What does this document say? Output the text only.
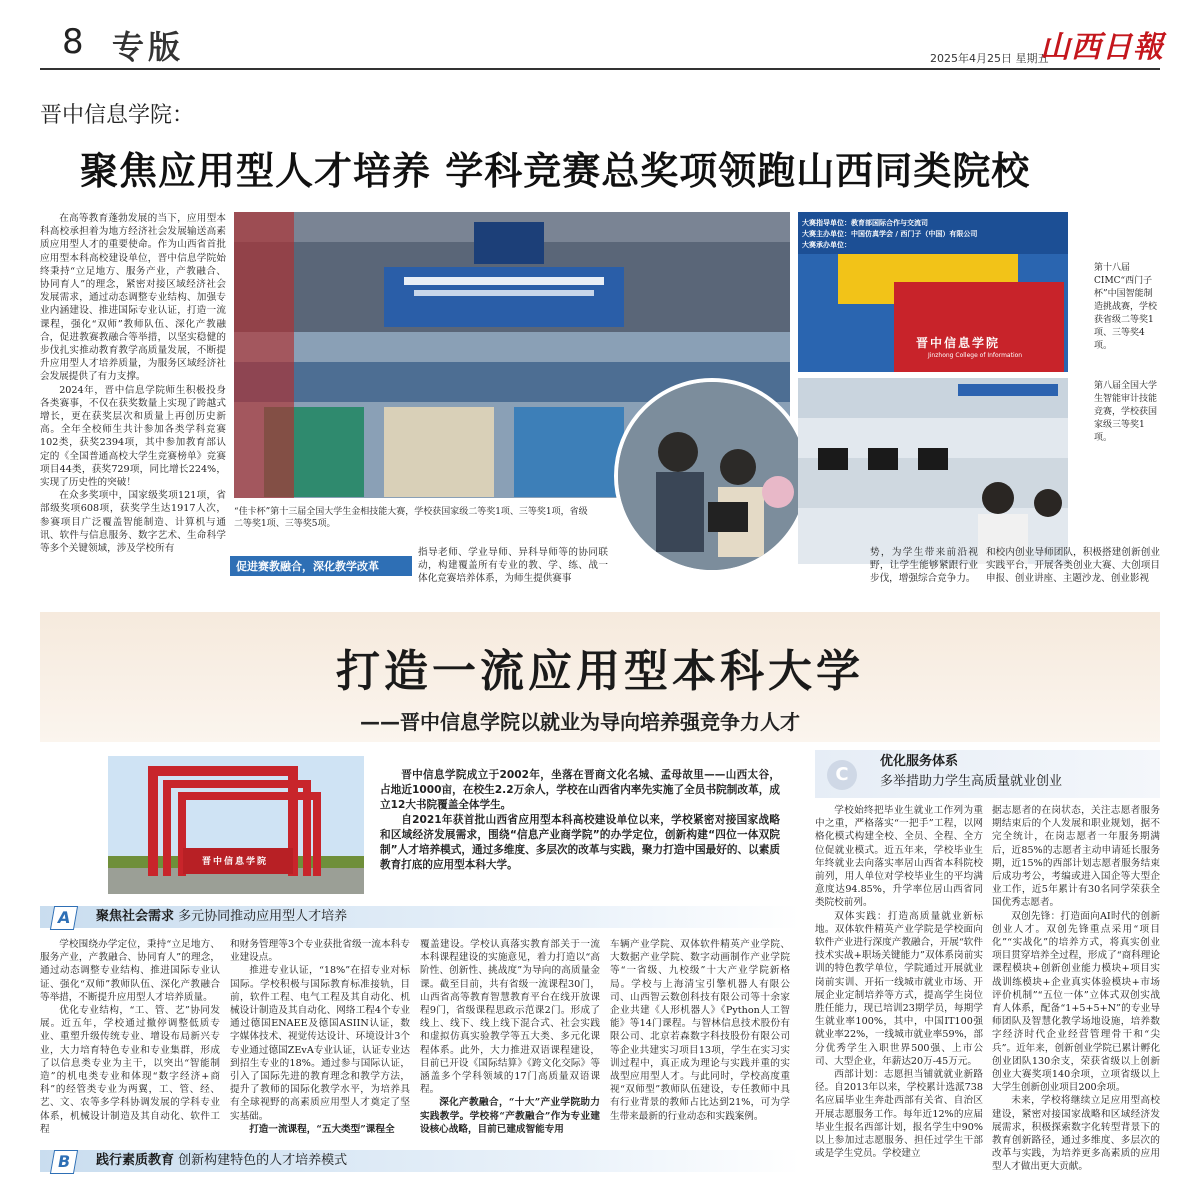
8 专版	2025年4月25日 星期五
山西日報
晋中信息学院：
聚焦应用型人才培养 学科竞赛总奖项领跑山西同类院校

在高等教育蓬勃发展的当下，应用型本科高校承担着为地方经济社会发展输送高素质应用型人才的重要使命。作为山西省首批应用型本科高校建设单位，晋中信息学院始终秉持“立足地方、服务产业，产教融合、协同育人”的理念，紧密对接区域经济社会发展需求，通过动态调整专业结构、加强专业内涵建设、推进国际专业认证，打造一流课程，强化“双师”教师队伍、深化产教融合，促进教赛教融合等举措，以坚实稳健的步伐扎实推动教育教学高质量发展，不断提升应用型人才培养质量，为服务区域经济社会发展提供了有力支撑。

2024年，晋中信息学院师生积极投身各类赛事，不仅在获奖数量上实现了跨越式增长，更在获奖层次和质量上再创历史新高。全年全校师生共计参加各类学科竞赛102类，获奖2394项，其中参加教育部认定的《全国普通高校大学生竞赛榜单》竞赛项目44类，获奖729项，同比增长224%，实现了历史性的突破！

在众多奖项中，国家级奖项121项，省部级奖项608项，获奖学生达1917人次，参赛项目广泛覆盖智能制造、计算机与通讯、软件与信息服务、数字艺术、生命科学等多个关键领域，涉及学校所有

“佳卡杯”第十三届全国大学生金相技能大赛，学校获国家级二等奖1项、三等奖1项，省级二等奖1项、三等奖5项。
大赛指导单位：教育部国际合作与交流司
大赛主办单位：中国仿真学会 / 西门子（中国）有限公司
大赛承办单位：
晋中信息学院
Jinzhong College of Information
第十八届CIMC“西门子杯”中国智能制造挑战赛，学校获省级二等奖1项、三等奖4项。
第八届全国大学生智能审计技能竞赛，学校获国家级三等奖1项。
促进赛教融合，深化教学改革

指导老师、学业导师、异科导师等的协同联动，构建覆盖所有专业的教、学、练、战一体化竞赛培养体系，为师生提供赛事

势，为学生带来前沿视野，让学生能够紧跟行业步伐，增强综合竞争力。

和校内创业导师团队，积极搭建创新创业实践平台，开展各类创业大赛、大创项目申报、创业讲座、主题沙龙、创业影视

打造一流应用型本科大学
——晋中信息学院以就业为导向培养强竞争力人才
晋中信息学院

晋中信息学院成立于2002年，坐落在晋商文化名城、孟母故里——山西太谷，占地近1000亩，在校生2.2万余人，学校在山西省内率先实施了全员书院制改革，成立12大书院覆盖全体学生。

自2021年获首批山西省应用型本科高校建设单位以来，学校紧密对接国家战略和区域经济发展需求，围绕“信息产业商学院”的办学定位，创新构建“四位一体双院制”人才培养模式，通过多维度、多层次的改革与实践，聚力打造中国最好的、以素质教育打底的应用型本科大学。

C
优化服务体系
多举措助力学生高质量就业创业
A	聚焦社会需求 多元协同推动应用型人才培养

学校围绕办学定位，秉持“立足地方、服务产业，产教融合、协同育人”的理念，通过动态调整专业结构、推进国际专业认证、强化“双师”教师队伍、深化产教融合等举措，不断提升应用型人才培养质量。

优化专业结构，“工、管、艺”协同发展。近五年，学校通过撤停调整低质专业、重塑升级传统专业、增设布局新兴专业，大力培育特色专业和专业集群，形成了以信息类专业为主干，以突出“智能制造”的机电类专业和体现“数字经济+商科”的经管类专业为两翼，工、管、经、艺、文、农等多学科协调发展的学科专业体系，机械设计制造及其自动化、软件工程

和财务管理等3个专业获批省级一流本科专业建设点。

推进专业认证，“18%”在招专业对标国际。学校积极与国际教育标准接轨，目前，软件工程、电气工程及其自动化、机械设计制造及其自动化、网络工程4个专业通过德国ENAEE及德国ASIIN认证，数字媒体技术、视觉传达设计、环境设计3个专业通过德国ZEvA专业认证，认证专业达到招生专业的18%。通过参与国际认证，引入了国际先进的教育理念和教学方法，提升了教师的国际化教学水平，为培养具有全球视野的高素质应用型人才奠定了坚实基础。

打造一流课程，“五大类型”课程全

覆盖建设。学校认真落实教育部关于一流本科课程建设的实施意见，着力打造以“高阶性、创新性、挑战度”为导向的高质量金课。截至目前，共有省级一流课程30门，山西省高等教育智慧教育平台在线开放课程9门，省级课程思政示范课2门。形成了线上、线下、线上线下混合式、社会实践和虚拟仿真实验教学等五大类、多元化课程体系。此外，大力推进双语课程建设，目前已开设《国际结算》《跨文化交际》等涵盖多个学科领域的17门高质量双语课程。

深化产教融合，“十大”产业学院助力实践教学。学校将“产教融合”作为专业建设核心战略，目前已建成智能专用

车辆产业学院、双体软件精英产业学院、大数据产业学院、数字动画制作产业学院等“一省级、九校级”十大产业学院新格局。学校与上海清宝引擎机器人有限公司、山西智云数创科技有限公司等十余家企业共建《人形机器人》《Python人工智能》等14门课程。与智林信息技术股份有限公司、北京若森数字科技股份有限公司等企业共建实习项目13项，学生在实习实训过程中，真正成为理论与实践并重的实战型应用型人才。与此同时，学校高度重视“双师型”教师队伍建设，专任教师中具有行业背景的教师占比达到21%，可为学生带来最新的行业动态和实践案例。

B	践行素质教育 创新构建特色的人才培养模式

学校始终把毕业生就业工作列为重中之重，严格落实“一把手”工程，以网格化模式构建全校、全员、全程、全方位促就业模式。近五年来，学校毕业生年终就业去向落实率居山西省本科院校前列，用人单位对学校毕业生的平均满意度达94.85%，升学率位居山西省同类院校前列。

双体实践：打造高质量就业新标地。双体软件精英产业学院是学校面向软件产业进行深度产教融合，开展“软件技术实战+职场关键能力”双体系岗前实训的特色教学单位，学院通过开展就业岗前实训、开拓一线城市就业市场、开展企业定制培养等方式，提高学生岗位胜任能力，现已培训23期学员，每期学生就业率100%，其中，中国IT100强就业率22%，一线城市就业率59%，部分优秀学生入职世界500强、上市公司、大型企业，年薪达20万-45万元。

西部计划：志愿担当铺就就业新路径。自2013年以来，学校累计选派738名应届毕业生奔赴西部有关省、自治区开展志愿服务工作。每年近12%的应届毕业生报名西部计划，报名学生中90%以上参加过志愿服务、担任过学生干部或是学生党员。学校建立

据志愿者的在岗状态，关注志愿者服务期结束后的个人发展和职业规划，据不完全统计，在岗志愿者一年服务期满后，近85%的志愿者主动申请延长服务期，近15%的西部计划志愿者服务结束后成功考公，考编或进入国企等大型企业工作，近5年累计有30名同学荣获全国优秀志愿者。

双创先锋：打造面向AI时代的创新创业人才。双创先锋重点采用“项目化”“实战化”的培养方式，将真实创业项目贯穿培养全过程，形成了“商科理论课程模块+创新创业能力模块+项目实战训练模块+企业真实体验模块+市场评价机制”“五位一体”立体式双创实战育人体系，配备“1+5+5+N”的专业导师团队及智慧化教学场地设施，培养数字经济时代企业经营管理骨干和“尖兵”。近年来，创新创业学院已累计孵化创业团队130余支，荣获省级以上创新创业大赛奖项140余项，立项省级以上大学生创新创业项目200余项。

未来，学校将继续立足应用型高校建设，紧密对接国家战略和区域经济发展需求，积极探索数字化转型背景下的教育创新路径，通过多维度、多层次的改革与实践，为培养更多高素质的应用型人才做出更大贡献。
